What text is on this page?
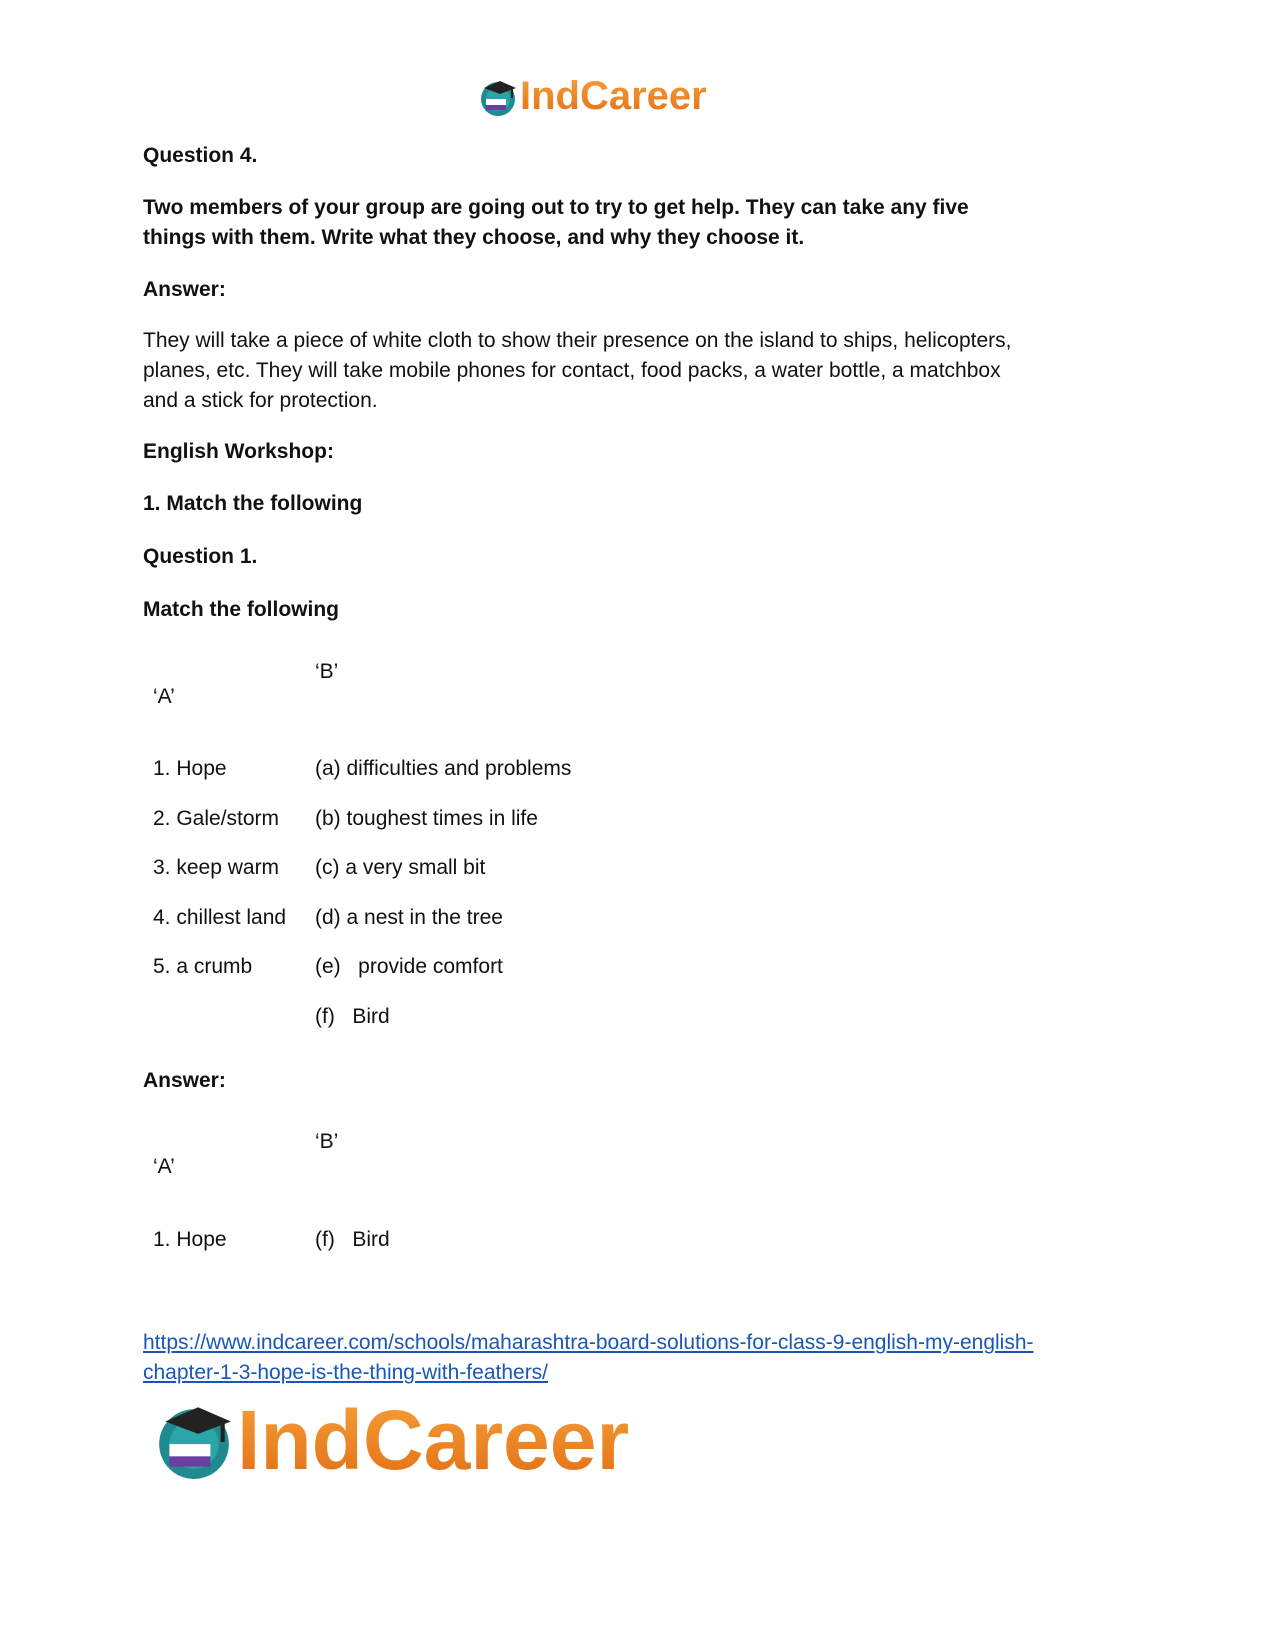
IndCareer
Question 4.
Two members of your group are going out to try to get help. They can take any five
things with them. Write what they choose, and why they choose it.
Answer:
They will take a piece of white cloth to show their presence on the island to ships, helicopters,
planes, etc. They will take mobile phones for contact, food packs, a water bottle, a matchbox
and a stick for protection.
English Workshop:
1. Match the following
Question 1.
Match the following
‘B’
‘A’
1. Hope	(a) difficulties and problems
2. Gale/storm (b) toughest times in life
3. keep warm (c) a very small bit
4. chillest land (d) a nest in the tree
5. a crumb	(e)   provide comfort
(f)   Bird
Answer:
‘B’
‘A’
1. Hope	(f)   Bird
https://www.indcareer.com/schools/maharashtra-board-solutions-for-class-9-english-my-english-
chapter-1-3-hope-is-the-thing-with-feathers/
IndCareer
